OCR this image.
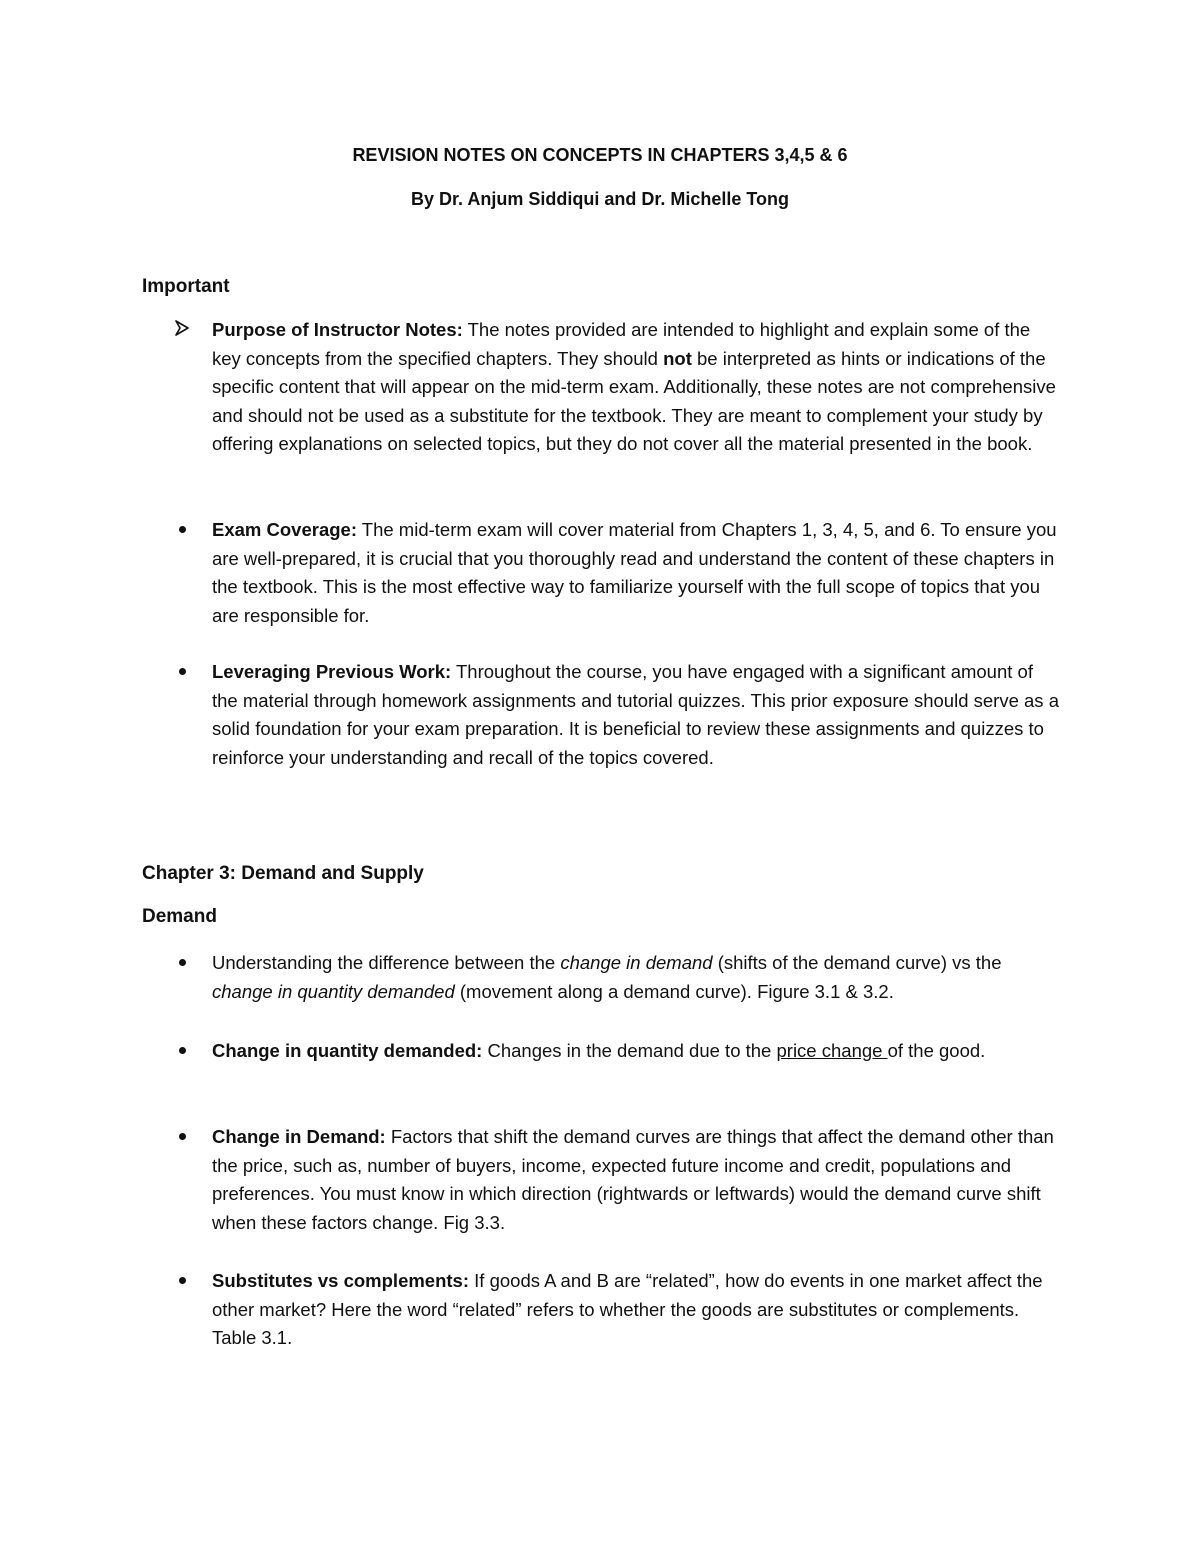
REVISION NOTES ON CONCEPTS IN CHAPTERS 3,4,5 & 6
By Dr. Anjum Siddiqui and Dr. Michelle Tong
Important
Purpose of Instructor Notes: The notes provided are intended to highlight and explain some of the key concepts from the specified chapters. They should not be interpreted as hints or indications of the specific content that will appear on the mid-term exam. Additionally, these notes are not comprehensive and should not be used as a substitute for the textbook. They are meant to complement your study by offering explanations on selected topics, but they do not cover all the material presented in the book.
Exam Coverage: The mid-term exam will cover material from Chapters 1, 3, 4, 5, and 6. To ensure you are well-prepared, it is crucial that you thoroughly read and understand the content of these chapters in the textbook. This is the most effective way to familiarize yourself with the full scope of topics that you are responsible for.
Leveraging Previous Work: Throughout the course, you have engaged with a significant amount of the material through homework assignments and tutorial quizzes. This prior exposure should serve as a solid foundation for your exam preparation. It is beneficial to review these assignments and quizzes to reinforce your understanding and recall of the topics covered.
Chapter 3: Demand and Supply
Demand
Understanding the difference between the change in demand (shifts of the demand curve) vs the change in quantity demanded (movement along a demand curve). Figure 3.1 & 3.2.
Change in quantity demanded: Changes in the demand due to the price change of the good.
Change in Demand: Factors that shift the demand curves are things that affect the demand other than the price, such as, number of buyers, income, expected future income and credit, populations and preferences. You must know in which direction (rightwards or leftwards) would the demand curve shift when these factors change. Fig 3.3.
Substitutes vs complements: If goods A and B are “related”, how do events in one market affect the other market? Here the word “related” refers to whether the goods are substitutes or complements. Table 3.1.
